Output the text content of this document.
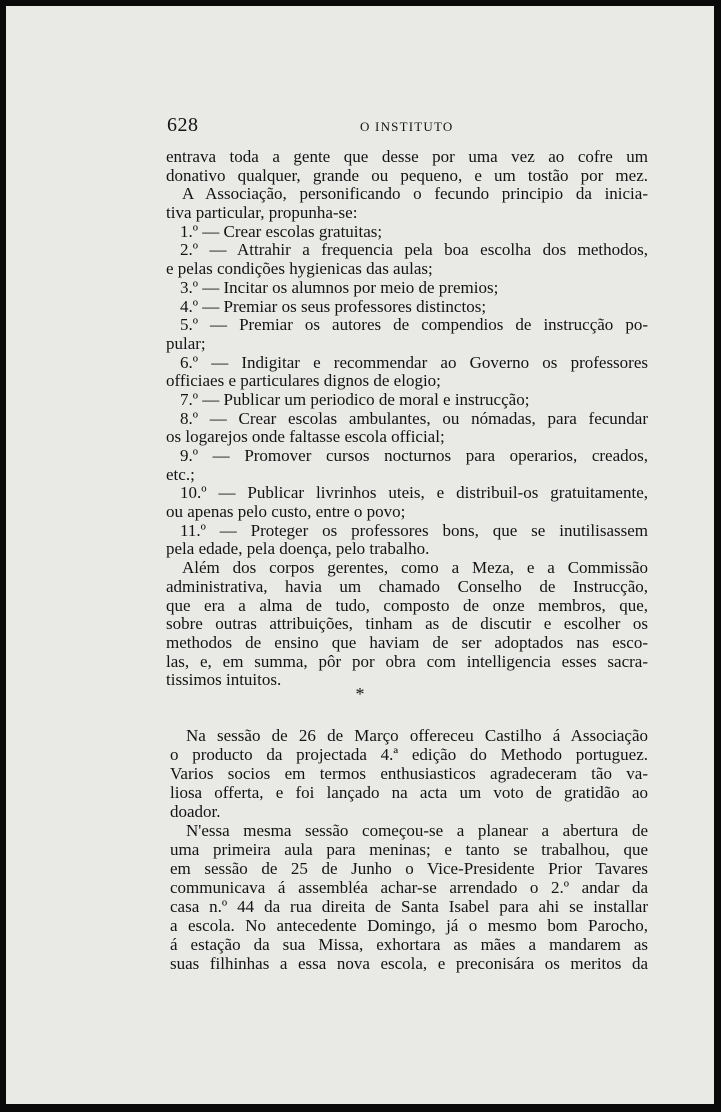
628	O INSTITUTO
entrava toda a gente que desse por uma vez ao cofre um
donativo qualquer, grande ou pequeno, e um tostão por mez.
A Associação, personificando o fecundo principio da inicia-
tiva particular, propunha-se:
1.º — Crear escolas gratuitas;
2.º — Attrahir a frequencia pela boa escolha dos methodos,
e pelas condições hygienicas das aulas;
3.º — Incitar os alumnos por meio de premios;
4.º — Premiar os seus professores distinctos;
5.º — Premiar os autores de compendios de instrucção po-
pular;
6.º — Indigitar e recommendar ao Governo os professores
officiaes e particulares dignos de elogio;
7.º — Publicar um periodico de moral e instrucção;
8.º — Crear escolas ambulantes, ou nómadas, para fecundar
os logarejos onde faltasse escola official;
9.º — Promover cursos nocturnos para operarios, creados,
etc.;
10.º — Publicar livrinhos uteis, e distribuil-os gratuitamente,
ou apenas pelo custo, entre o povo;
11.º — Proteger os professores bons, que se inutilisassem
pela edade, pela doença, pelo trabalho.
Além dos corpos gerentes, como a Meza, e a Commissão
administrativa, havia um chamado Conselho de Instrucção,
que era a alma de tudo, composto de onze membros, que,
sobre outras attribuições, tinham as de discutir e escolher os
methodos de ensino que haviam de ser adoptados nas esco-
las, e, em summa, pôr por obra com intelligencia esses sacra-
tissimos intuitos.
*
Na sessão de 26 de Março offereceu Castilho á Associação
o producto da projectada 4.ª edição do Methodo portuguez.
Varios socios em termos enthusiasticos agradeceram tão va-
liosa offerta, e foi lançado na acta um voto de gratidão ao
doador.
N'essa mesma sessão começou-se a planear a abertura de
uma primeira aula para meninas; e tanto se trabalhou, que
em sessão de 25 de Junho o Vice-Presidente Prior Tavares
communicava á assembléa achar-se arrendado o 2.º andar da
casa n.º 44 da rua direita de Santa Isabel para ahi se installar
a escola. No antecedente Domingo, já o mesmo bom Parocho,
á estação da sua Missa, exhortara as mães a mandarem as
suas filhinhas a essa nova escola, e preconisára os meritos da
